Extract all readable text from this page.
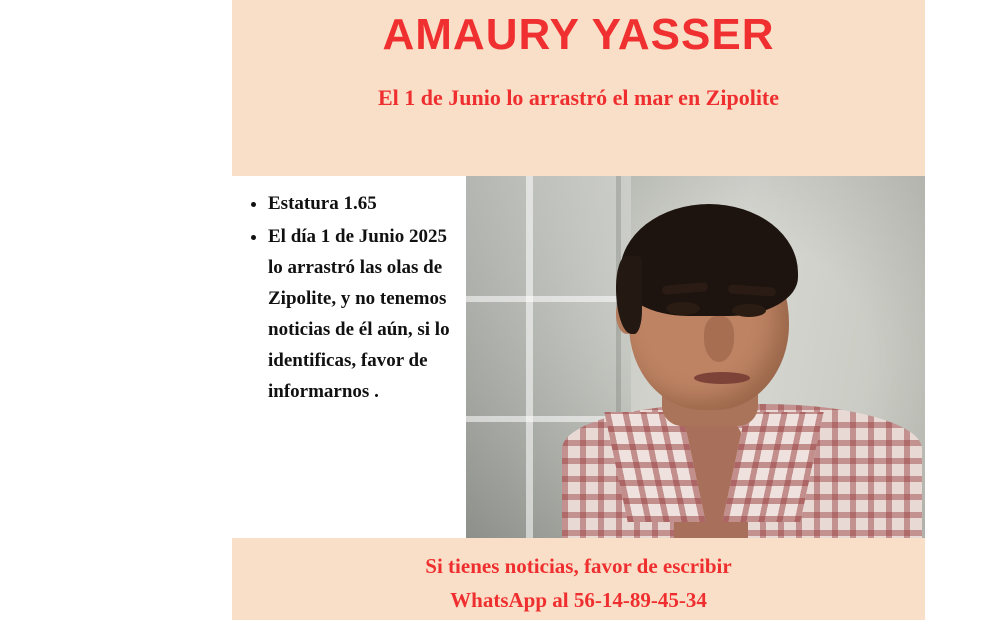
AMAURY YASSER

El 1 de Junio lo arrastró el mar en Zipolite

• Estatura 1.65
• El día 1 de Junio 2025 lo arrastró las olas de Zipolite, y no tenemos noticias de él aún, si lo identificas, favor de informarnos .

Si tienes noticias, favor de escribir

WhatsApp al 56-14-89-45-34
